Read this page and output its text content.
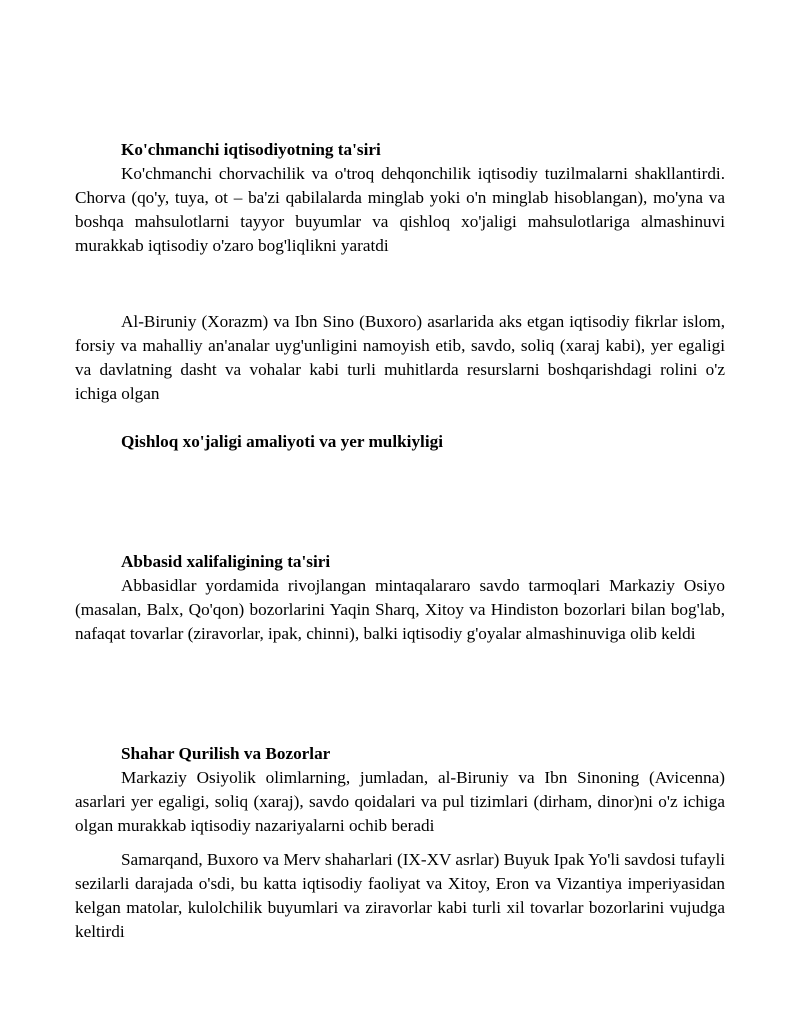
Ko'chmanchi iqtisodiyotning ta'siri

Ko'chmanchi chorvachilik va o'troq dehqonchilik iqtisodiy tuzilmalarni shakllantirdi. Chorva (qo'y, tuya, ot – ba'zi qabilalarda minglab yoki o'n minglab hisoblangan), mo'yna va boshqa mahsulotlarni tayyor buyumlar va qishloq xo'jaligi mahsulotlariga almashinuvi murakkab iqtisodiy o'zaro bog'liqlikni yaratdi

Al-Biruniy (Xorazm) va Ibn Sino (Buxoro) asarlarida aks etgan iqtisodiy fikrlar islom, forsiy va mahalliy an'analar uyg'unligini namoyish etib, savdo, soliq (xaraj kabi), yer egaligi va davlatning dasht va vohalar kabi turli muhitlarda resurslarni boshqarishdagi rolini o'z ichiga olgan

Qishloq xo'jaligi amaliyoti va yer mulkiyligi

Abbasid xalifaligining ta'siri

Abbasidlar yordamida rivojlangan mintaqalararo savdo tarmoqlari Markaziy Osiyo (masalan, Balx, Qo'qon) bozorlarini Yaqin Sharq, Xitoy va Hindiston bozorlari bilan bog'lab, nafaqat tovarlar (ziravorlar, ipak, chinni), balki iqtisodiy g'oyalar almashinuviga olib keldi

Shahar Qurilish va Bozorlar

Markaziy Osiyolik olimlarning, jumladan, al-Biruniy va Ibn Sinoning (Avicenna) asarlari yer egaligi, soliq (xaraj), savdo qoidalari va pul tizimlari (dirham, dinor)ni o'z ichiga olgan murakkab iqtisodiy nazariyalarni ochib beradi

Samarqand, Buxoro va Merv shaharlari (IX-XV asrlar) Buyuk Ipak Yo'li savdosi tufayli sezilarli darajada o'sdi, bu katta iqtisodiy faoliyat va Xitoy, Eron va Vizantiya imperiyasidan kelgan matolar, kulolchilik buyumlari va ziravorlar kabi turli xil tovarlar bozorlarini vujudga keltirdi
